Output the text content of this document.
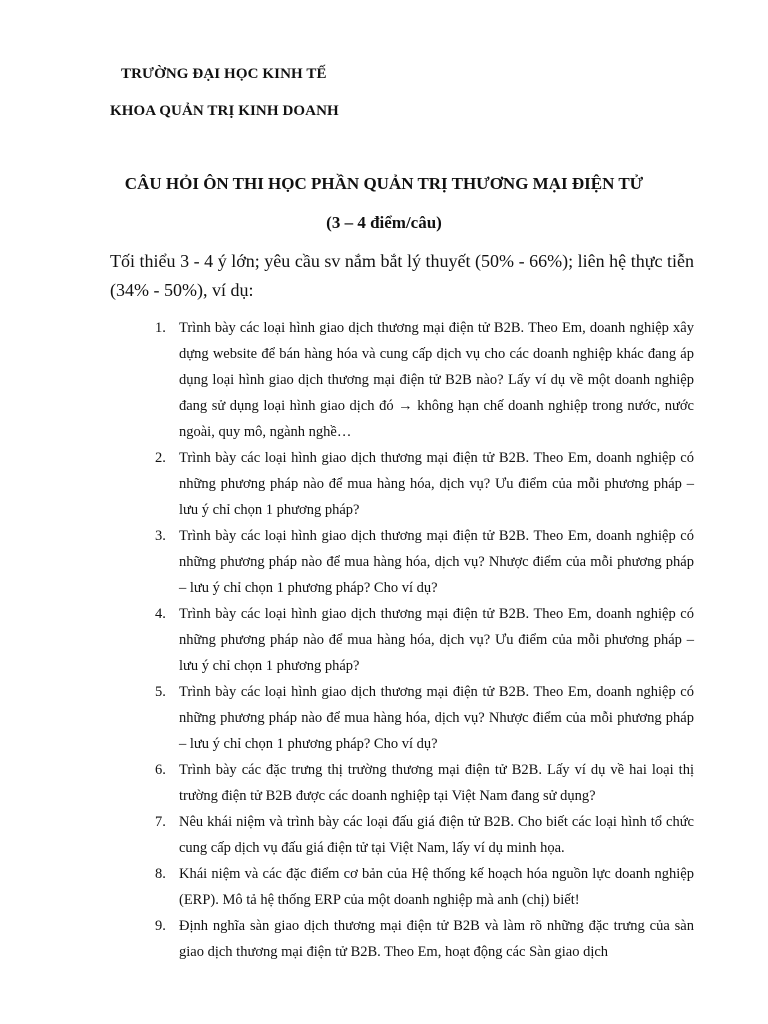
TRƯỜNG ĐẠI HỌC KINH TẾ
KHOA QUẢN TRỊ KINH DOANH
CÂU HỎI ÔN THI HỌC PHẦN QUẢN TRỊ THƯƠNG MẠI ĐIỆN TỬ
(3 – 4 điểm/câu)
Tối thiểu 3 - 4 ý lớn; yêu cầu sv nắm bắt lý thuyết (50% - 66%); liên hệ thực tiễn (34% - 50%), ví dụ:
1. Trình bày các loại hình giao dịch thương mại điện tử B2B. Theo Em, doanh nghiệp xây dựng website để bán hàng hóa và cung cấp dịch vụ cho các doanh nghiệp khác đang áp dụng loại hình giao dịch thương mại điện tử B2B nào? Lấy ví dụ về một doanh nghiệp đang sử dụng loại hình giao dịch đó → không hạn chế doanh nghiệp trong nước, nước ngoài, quy mô, ngành nghề…
2. Trình bày các loại hình giao dịch thương mại điện tử B2B. Theo Em, doanh nghiệp có những phương pháp nào để mua hàng hóa, dịch vụ? Ưu điểm của mỗi phương pháp – lưu ý chỉ chọn 1 phương pháp?
3. Trình bày các loại hình giao dịch thương mại điện tử B2B. Theo Em, doanh nghiệp có những phương pháp nào để mua hàng hóa, dịch vụ? Nhược điểm của mỗi phương pháp – lưu ý chỉ chọn 1 phương pháp? Cho ví dụ?
4. Trình bày các loại hình giao dịch thương mại điện tử B2B. Theo Em, doanh nghiệp có những phương pháp nào để mua hàng hóa, dịch vụ? Ưu điểm của mỗi phương pháp – lưu ý chỉ chọn 1 phương pháp?
5. Trình bày các loại hình giao dịch thương mại điện tử B2B. Theo Em, doanh nghiệp có những phương pháp nào để mua hàng hóa, dịch vụ? Nhược điểm của mỗi phương pháp – lưu ý chỉ chọn 1 phương pháp? Cho ví dụ?
6. Trình bày các đặc trưng thị trường thương mại điện tử B2B. Lấy ví dụ về hai loại thị trường điện tử B2B được các doanh nghiệp tại Việt Nam đang sử dụng?
7. Nêu khái niệm và trình bày các loại đấu giá điện tử B2B. Cho biết các loại hình tổ chức cung cấp dịch vụ đấu giá điện tử tại Việt Nam, lấy ví dụ minh họa.
8. Khái niệm và các đặc điểm cơ bản của Hệ thống kế hoạch hóa nguồn lực doanh nghiệp (ERP). Mô tả hệ thống ERP của một doanh nghiệp mà anh (chị) biết!
9. Định nghĩa sàn giao dịch thương mại điện tử B2B và làm rõ những đặc trưng của sàn giao dịch thương mại điện tử B2B. Theo Em, hoạt động các Sàn giao dịch
